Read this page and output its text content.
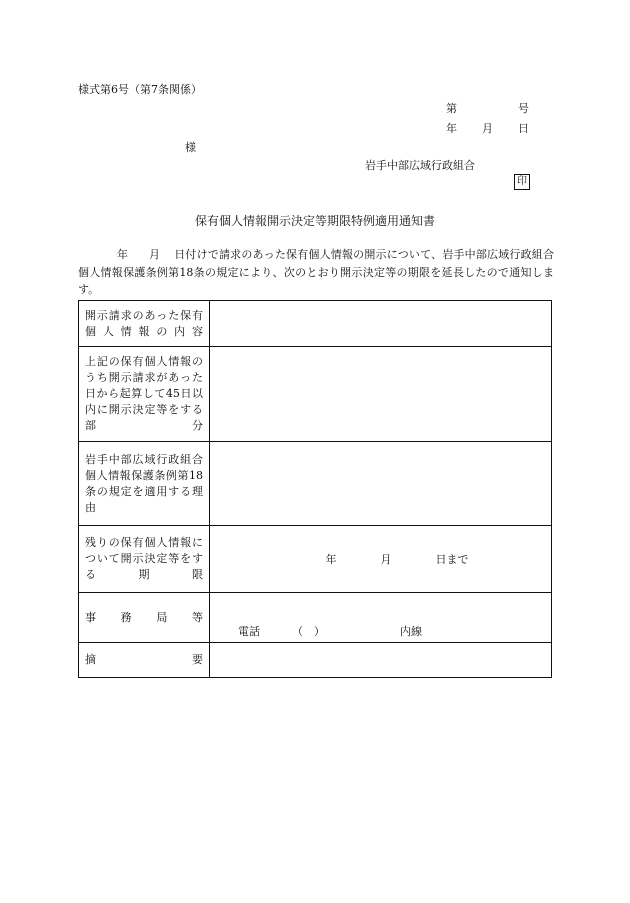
様式第6号（第7条関係）
第	号
年 月 日
様
岩手中部広域行政組合
印
保有個人情報開示決定等期限特例適用通知書
年 月 日付けで請求のあった保有個人情報の開示について、岩手中部広域行政組合個人情報保護条例第18条の規定により、次のとおり開示決定等の期限を延長したので通知します。
開示請求のあった保有個人情報の内容	
上記の保有個人情報のうち開示請求があった日から起算して45日以内に開示決定等をする部分	
岩手中部広域行政組合個人情報保護条例第18条の規定を適用する理由	
残りの保有個人情報について開示決定等をする期限	年 月 日まで

事務局等	電話 （　） 内線

摘要	
